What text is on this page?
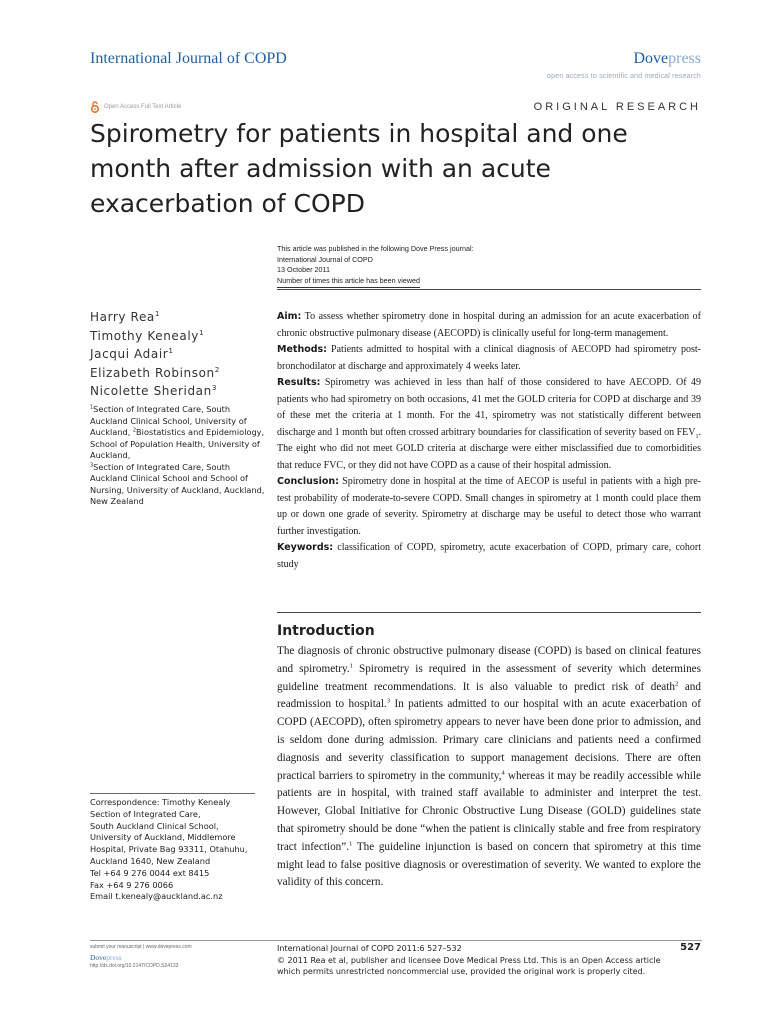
International Journal of COPD	Dovepress
open access to scientific and medical research
Open Access Full Text Article	ORIGINAL RESEARCH
Spirometry for patients in hospital and one month after admission with an acute exacerbation of COPD
This article was published in the following Dove Press journal:
International Journal of COPD
13 October 2011
Number of times this article has been viewed
Harry Rea$^1$
Timothy Kenealy$^1$
Jacqui Adair$^1$
Elizabeth Robinson$^2$
Nicolette Sheridan$^3$
$^1$Section of Integrated Care, South Auckland Clinical School, University of Auckland, $^2$Biostatistics and Epidemiology, School of Population Health, University of Auckland,
$^3$Section of Integrated Care, South Auckland Clinical School and School of Nursing, University of Auckland, Auckland, New Zealand
Correspondence: Timothy Kenealy
Section of Integrated Care,
South Auckland Clinical School,
University of Auckland, Middlemore
Hospital, Private Bag 93311, Otahuhu,
Auckland 1640, New Zealand
Tel +64 9 276 0044 ext 8415
Fax +64 9 276 0066
Email t.kenealy@auckland.ac.nz

Aim: To assess whether spirometry done in hospital during an admission for an acute exacerbation of chronic obstructive pulmonary disease (AECOPD) is clinically useful for long-term management.

Methods: Patients admitted to hospital with a clinical diagnosis of AECOPD had spirometry post-bronchodilator at discharge and approximately 4 weeks later.

Results: Spirometry was achieved in less than half of those considered to have AECOPD. Of 49 patients who had spirometry on both occasions, 41 met the GOLD criteria for COPD at discharge and 39 of these met the criteria at 1 month. For the 41, spirometry was not statistically different between discharge and 1 month but often crossed arbitrary boundaries for classification of severity based on $FEV_1$. The eight who did not meet GOLD criteria at discharge were either misclassified due to comorbidities that reduce FVC, or they did not have COPD as a cause of their hospital admission.

Conclusion: Spirometry done in hospital at the time of AECOP is useful in patients with a high pre-test probability of moderate-to-severe COPD. Small changes in spirometry at 1 month could place them up or down one grade of severity. Spirometry at discharge may be useful to detect those who warrant further investigation.

Keywords: classification of COPD, spirometry, acute exacerbation of COPD, primary care, cohort study

Introduction

The diagnosis of chronic obstructive pulmonary disease (COPD) is based on clinical features and spirometry.$^1$ Spirometry is required in the assessment of severity which determines guideline treatment recommendations. It is also valuable to predict risk of death$^2$ and readmission to hospital.$^3$ In patients admitted to our hospital with an acute exacerbation of COPD (AECOPD), often spirometry appears to never have been done prior to admission, and is seldom done during admission. Primary care clinicians and patients need a confirmed diagnosis and severity classification to support management decisions. There are often practical barriers to spirometry in the community,$^4$ whereas it may be readily accessible while patients are in hospital, with trained staff available to administer and interpret the test. However, Global Initiative for Chronic Obstructive Lung Disease (GOLD) guidelines state that spirometry should be done “when the patient is clinically stable and free from respiratory tract infection”.$^1$ The guideline injunction is based on concern that spirometry at this time might lead to false positive diagnosis or overestimation of severity. We wanted to explore the validity of this concern.

submit your manuscript | www.dovepress.com
Dovepress
http://dx.doi.org/10.2147/COPD.S24133
International Journal of COPD 2011:6 527–532
© 2011 Rea et al, publisher and licensee Dove Medical Press Ltd. This is an Open Access article which permits unrestricted noncommercial use, provided the original work is properly cited.
527
